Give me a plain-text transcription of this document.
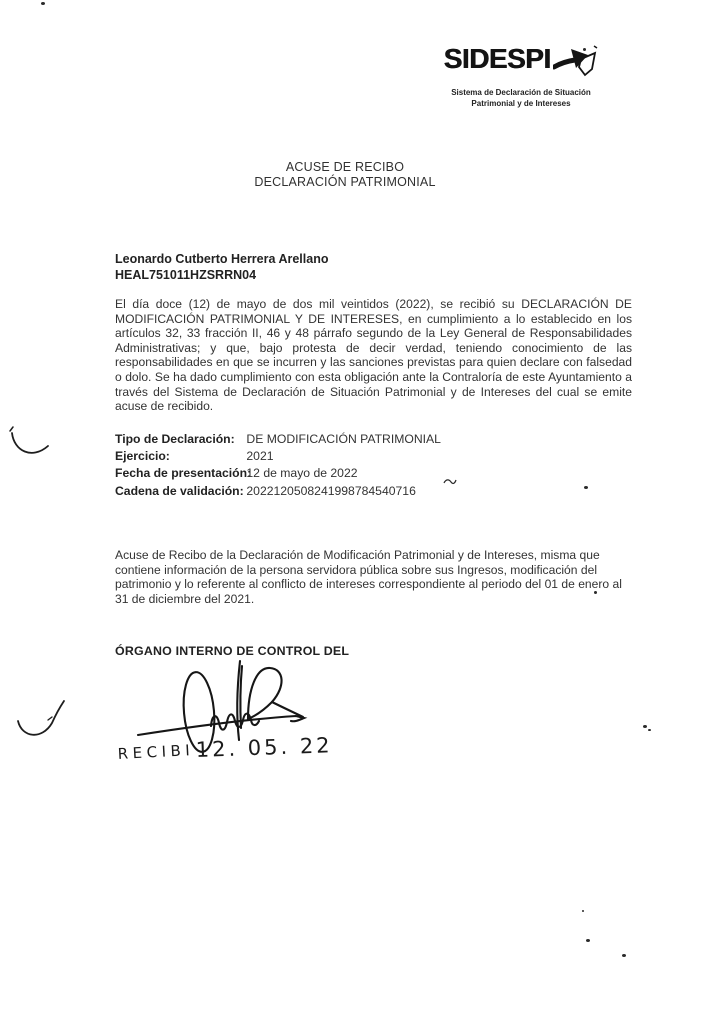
SIDESPI
Sistema de Declaración de Situación
Patrimonial y de Intereses
ACUSE DE RECIBO
DECLARACIÓN PATRIMONIAL
Leonardo Cutberto Herrera Arellano
HEAL751011HZSRRN04
El día doce (12) de mayo de dos mil veintidos (2022), se recibió su DECLARACIÓN DE MODIFICACIÓN PATRIMONIAL Y DE INTERESES, en cumplimiento a lo establecido en los artículos 32, 33 fracción II, 46 y 48 párrafo segundo de la Ley General de Responsabilidades Administrativas; y que, bajo protesta de decir verdad, teniendo conocimiento de las responsabilidades en que se incurren y las sanciones previstas para quien declare con falsedad o dolo. Se ha dado cumplimiento con esta obligación ante la Contraloría de este Ayuntamiento a través del Sistema de Declaración de Situación Patrimonial y de Intereses del cual se emite acuse de recibido.
Tipo de Declaración: DE MODIFICACIÓN PATRIMONIAL
Ejercicio:	2021
Fecha de presentación: 12 de mayo de 2022
Cadena de validación: 2022120508241998784540716
Acuse de Recibo de la Declaración de Modificación Patrimonial y de Intereses, misma que contiene información de la persona servidora pública sobre sus Ingresos, modificación del patrimonio y lo referente al conflicto de intereses correspondiente al periodo del 01 de enero al 31 de diciembre del 2021.
ÓRGANO INTERNO DE CONTROL DEL
RECIBI 12. 05. 22
